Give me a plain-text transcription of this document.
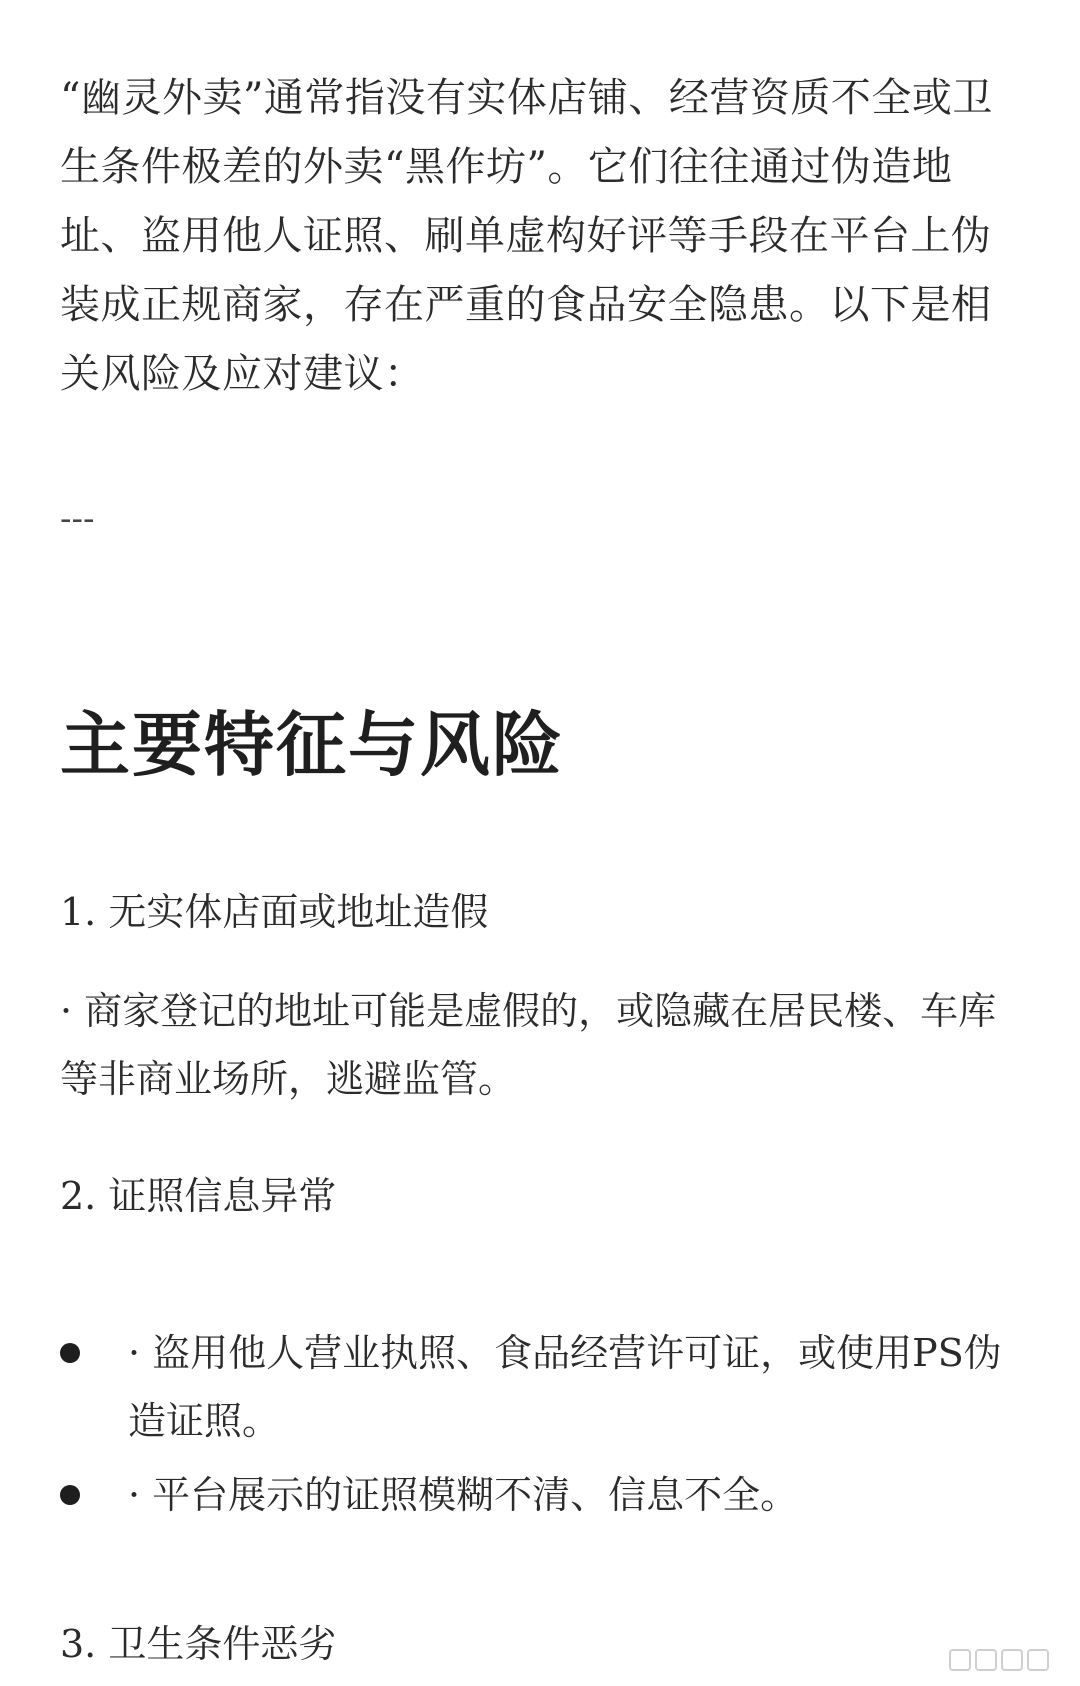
“幽灵外卖”通常指没有实体店铺、经营资质不全或卫生条件极差的外卖“黑作坊”。它们往往通过伪造地址、盗用他人证照、刷单虚构好评等手段在平台上伪装成正规商家，存在严重的食品安全隐患。以下是相关风险及应对建议：

---

主要特征与风险

1. 无实体店面或地址造假

· 商家登记的地址可能是虚假的，或隐藏在居民楼、车库等非商业场所，逃避监管。

2. 证照信息异常

· 盗用他人营业执照、食品经营许可证，或使用PS伪造证照。
· 平台展示的证照模糊不清、信息不全。

3. 卫生条件恶劣
